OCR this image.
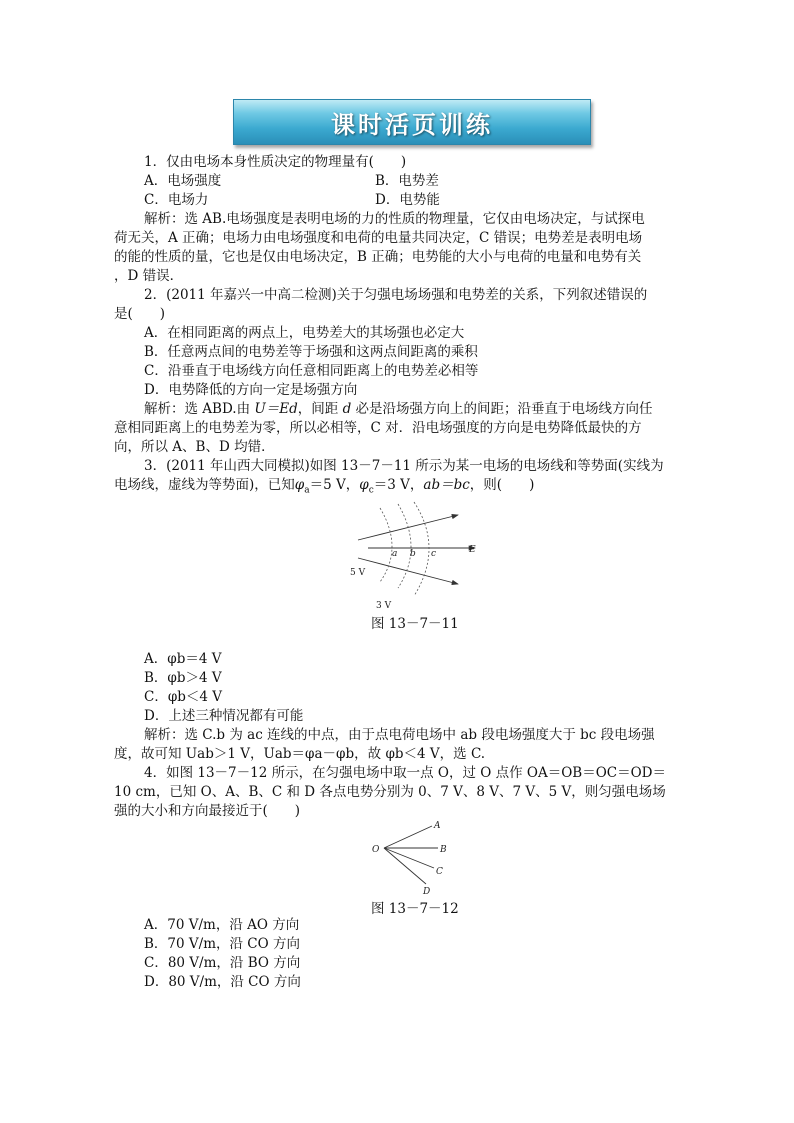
课时活页训练
1．仅由电场本身性质决定的物理量有(　　)
A．电场强度	B．电势差
C．电场力	D．电势能
解析：选 AB.电场强度是表明电场的力的性质的物理量，它仅由电场决定，与试探电
荷无关，A 正确；电场力由电场强度和电荷的电量共同决定，C 错误；电势差是表明电场
的能的性质的量，它也是仅由电场决定，B 正确；电势能的大小与电荷的电量和电势有关
，D 错误．
2．(2011 年嘉兴一中高二检测)关于匀强电场场强和电势差的关系，下列叙述错误的
是(　　)
A．在相同距离的两点上，电势差大的其场强也必定大
B．任意两点间的电势差等于场强和这两点间距离的乘积
C．沿垂直于电场线方向任意相同距离上的电势差必相等
D．电势降低的方向一定是场强方向
解析：选 ABD.由 U＝Ed，间距 d 必是沿场强方向上的间距；沿垂直于电场线方向任
意相同距离上的电势差为零，所以必相等，C 对．沿电场强度的方向是电势降低最快的方
向，所以 A、B、D 均错．
3．(2011 年山西大同模拟)如图 13－7－11 所示为某一电场的电场线和等势面(实线为
电场线，虚线为等势面)，已知$\varphi_a=5$ V，$\varphi_c=3$ V，ab＝bc，则(　　)
a b c	E
5 V
3 V
图 13－7－11
A．φb＝4 V
B．φb＞4 V
C．φb＜4 V
D．上述三种情况都有可能
解析：选 C.b 为 ac 连线的中点，由于点电荷电场中 ab 段电场强度大于 bc 段电场强
度，故可知 Uab＞1 V，Uab＝φa－φb，故 φb＜4 V，选 C.
4．如图 13－7－12 所示，在匀强电场中取一点 O，过 O 点作 OA＝OB＝OC＝OD＝
10 cm，已知 O、A、B、C 和 D 各点电势分别为 0、7 V、8 V、7 V、5 V，则匀强电场场
强的大小和方向最接近于(　　)
O
A
B
C
D
图 13－7－12
A．70 V/m，沿 AO 方向
B．70 V/m，沿 CO 方向
C．80 V/m，沿 BO 方向
D．80 V/m，沿 CO 方向
